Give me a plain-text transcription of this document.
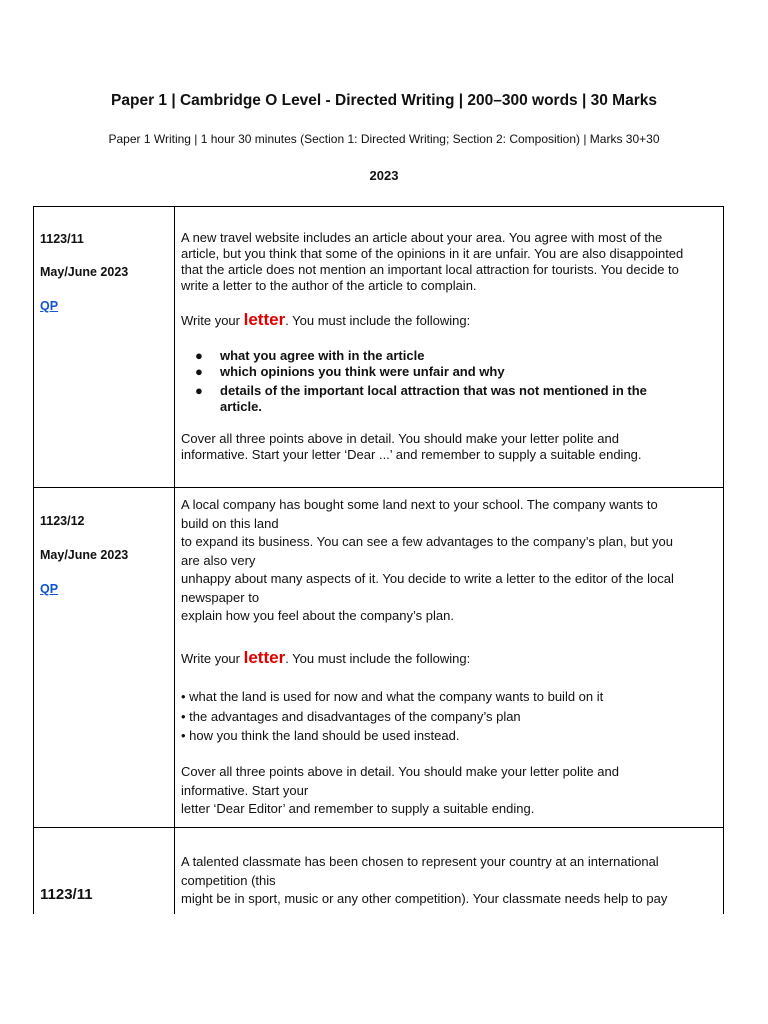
Paper 1 | Cambridge O Level - Directed Writing | 200–300 words | 30 Marks
Paper 1 Writing | 1 hour 30 minutes (Section 1: Directed Writing; Section 2: Composition) | Marks 30+30
2023
1123/11
May/June 2023
QP
A new travel website includes an article about your area. You agree with most of the
article, but you think that some of the opinions in it are unfair. You are also disappointed
that the article does not mention an important local attraction for tourists. You decide to
write a letter to the author of the article to complain.
Write your letter. You must include the following:
● what you agree with in the article
● which opinions you think were unfair and why
● details of the important local attraction that was not mentioned in the
article.
Cover all three points above in detail. You should make your letter polite and
informative. Start your letter ‘Dear ...’ and remember to supply a suitable ending.
1123/12
May/June 2023
QP
A local company has bought some land next to your school. The company wants to
build on this land
to expand its business. You can see a few advantages to the company’s plan, but you
are also very
unhappy about many aspects of it. You decide to write a letter to the editor of the local
newspaper to
explain how you feel about the company’s plan.
Write your letter. You must include the following:
• what the land is used for now and what the company wants to build on it
• the advantages and disadvantages of the company’s plan
• how you think the land should be used instead.
Cover all three points above in detail. You should make your letter polite and
informative. Start your
letter ‘Dear Editor’ and remember to supply a suitable ending.
1123/11
A talented classmate has been chosen to represent your country at an international
competition (this
might be in sport, music or any other competition). Your classmate needs help to pay
